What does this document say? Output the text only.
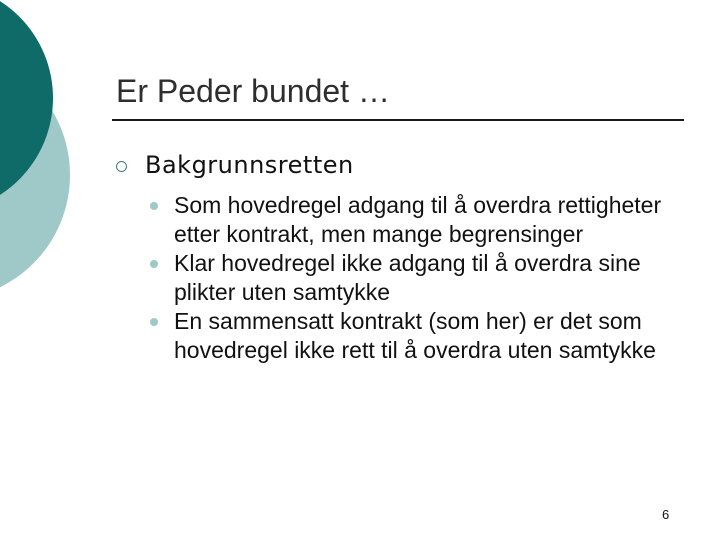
Er Peder bundet …
Bakgrunnsretten
Som hovedregel adgang til å overdra rettigheter etter kontrakt, men mange begrensinger
Klar hovedregel ikke adgang til å overdra sine plikter uten samtykke
En sammensatt kontrakt (som her) er det som hovedregel ikke rett til å overdra uten samtykke
6
